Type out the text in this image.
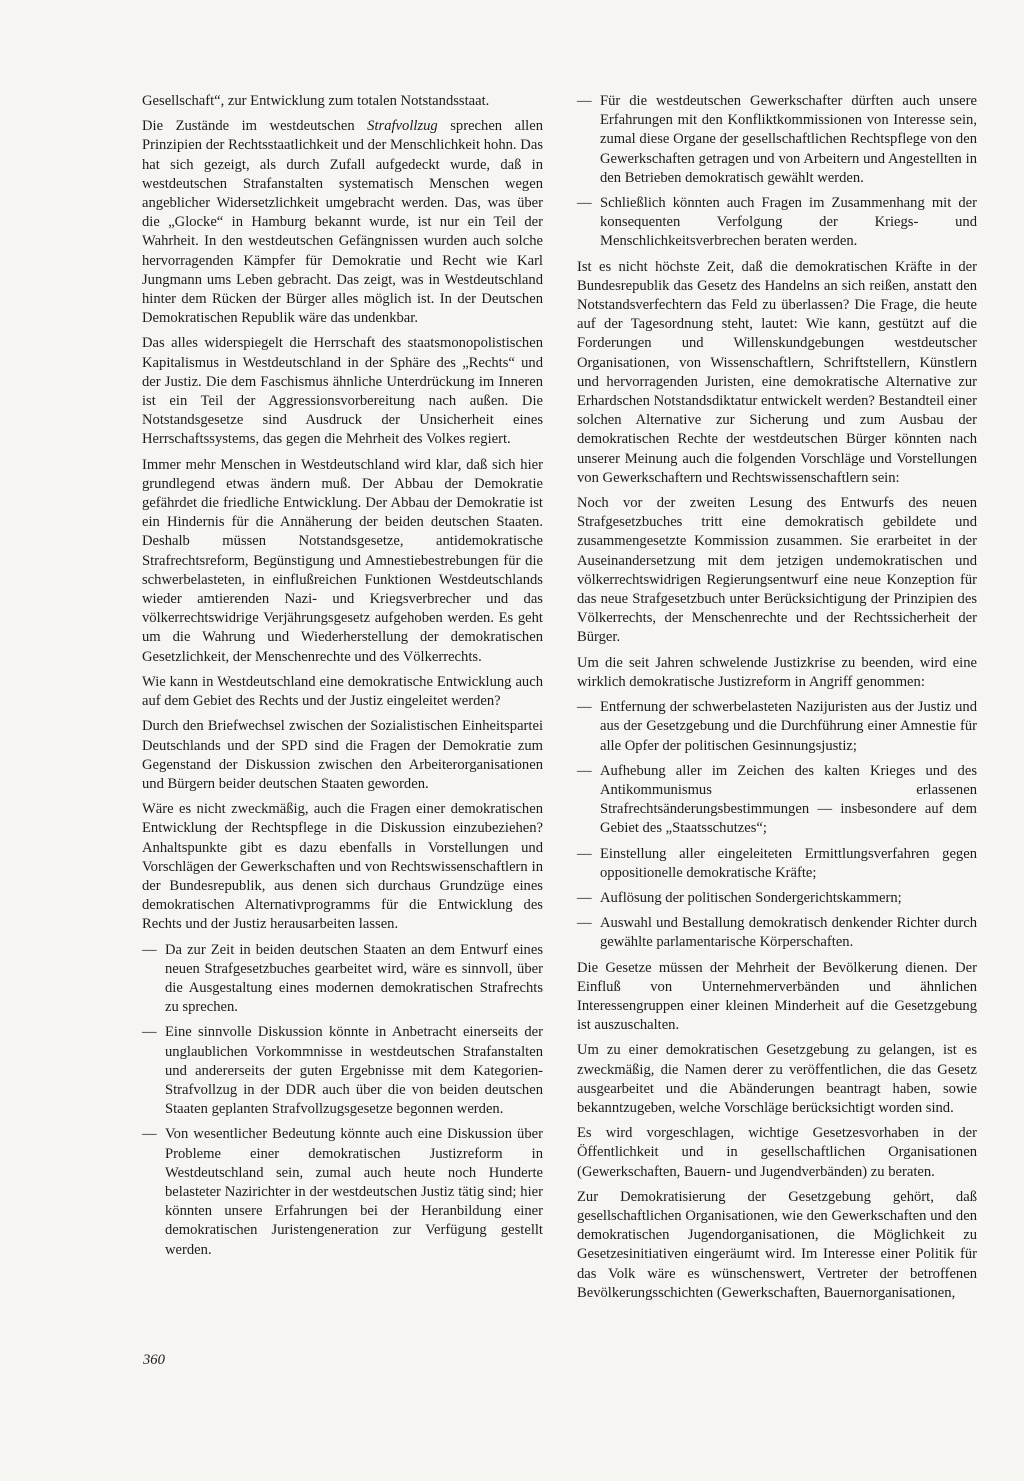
Gesellschaft“, zur Entwicklung zum totalen Notstandsstaat.

Die Zustände im westdeutschen Strafvollzug sprechen allen Prinzipien der Rechtsstaatlichkeit und der Menschlichkeit hohn. Das hat sich gezeigt, als durch Zufall aufgedeckt wurde, daß in westdeutschen Strafanstalten systematisch Menschen wegen angeblicher Widersetzlichkeit umgebracht werden. Das, was über die „Glocke“ in Hamburg bekannt wurde, ist nur ein Teil der Wahrheit. In den westdeutschen Gefängnissen wurden auch solche hervorragenden Kämpfer für Demokratie und Recht wie Karl Jungmann ums Leben gebracht. Das zeigt, was in Westdeutschland hinter dem Rücken der Bürger alles möglich ist. In der Deutschen Demokratischen Republik wäre das undenkbar.

Das alles widerspiegelt die Herrschaft des staatsmonopolistischen Kapitalismus in Westdeutschland in der Sphäre des „Rechts“ und der Justiz. Die dem Faschismus ähnliche Unterdrückung im Inneren ist ein Teil der Aggressionsvorbereitung nach außen. Die Notstandsgesetze sind Ausdruck der Unsicherheit eines Herrschaftssystems, das gegen die Mehrheit des Volkes regiert.

Immer mehr Menschen in Westdeutschland wird klar, daß sich hier grundlegend etwas ändern muß. Der Abbau der Demokratie gefährdet die friedliche Entwicklung. Der Abbau der Demokratie ist ein Hindernis für die Annäherung der beiden deutschen Staaten. Deshalb müssen Notstandsgesetze, antidemokratische Strafrechtsreform, Begünstigung und Amnestiebestrebungen für die schwerbelasteten, in einflußreichen Funktionen Westdeutschlands wieder amtierenden Nazi- und Kriegsverbrecher und das völkerrechtswidrige Verjährungsgesetz aufgehoben werden. Es geht um die Wahrung und Wiederherstellung der demokratischen Gesetzlichkeit, der Menschenrechte und des Völkerrechts.

Wie kann in Westdeutschland eine demokratische Entwicklung auch auf dem Gebiet des Rechts und der Justiz eingeleitet werden?

Durch den Briefwechsel zwischen der Sozialistischen Einheitspartei Deutschlands und der SPD sind die Fragen der Demokratie zum Gegenstand der Diskussion zwischen den Arbeiterorganisationen und Bürgern beider deutschen Staaten geworden.

Wäre es nicht zweckmäßig, auch die Fragen einer demokratischen Entwicklung der Rechtspflege in die Diskussion einzubeziehen? Anhaltspunkte gibt es dazu ebenfalls in Vorstellungen und Vorschlägen der Gewerkschaften und von Rechtswissenschaftlern in der Bundesrepublik, aus denen sich durchaus Grundzüge eines demokratischen Alternativprogramms für die Entwicklung des Rechts und der Justiz herausarbeiten lassen.

— Da zur Zeit in beiden deutschen Staaten an dem Entwurf eines neuen Strafgesetzbuches gearbeitet wird, wäre es sinnvoll, über die Ausgestaltung eines modernen demokratischen Strafrechts zu sprechen.
— Eine sinnvolle Diskussion könnte in Anbetracht einerseits der unglaublichen Vorkommnisse in westdeutschen Strafanstalten und andererseits der guten Ergebnisse mit dem Kategorien-Strafvollzug in der DDR auch über die von beiden deutschen Staaten geplanten Strafvollzugsgesetze begonnen werden.
— Von wesentlicher Bedeutung könnte auch eine Diskussion über Probleme einer demokratischen Justizreform in Westdeutschland sein, zumal auch heute noch Hunderte belasteter Nazirichter in der westdeutschen Justiz tätig sind; hier könnten unsere Erfahrungen bei der Heranbildung einer demokratischen Juristengeneration zur Verfügung gestellt werden.
— Für die westdeutschen Gewerkschafter dürften auch unsere Erfahrungen mit den Konfliktkommissionen von Interesse sein, zumal diese Organe der gesellschaftlichen Rechtspflege von den Gewerkschaften getragen und von Arbeitern und Angestellten in den Betrieben demokratisch gewählt werden.
— Schließlich könnten auch Fragen im Zusammenhang mit der konsequenten Verfolgung der Kriegs- und Menschlichkeitsverbrechen beraten werden.

Ist es nicht höchste Zeit, daß die demokratischen Kräfte in der Bundesrepublik das Gesetz des Handelns an sich reißen, anstatt den Notstandsverfechtern das Feld zu überlassen? Die Frage, die heute auf der Tagesordnung steht, lautet: Wie kann, gestützt auf die Forderungen und Willenskundgebungen westdeutscher Organisationen, von Wissenschaftlern, Schriftstellern, Künstlern und hervorragenden Juristen, eine demokratische Alternative zur Erhardschen Notstandsdiktatur entwickelt werden? Bestandteil einer solchen Alternative zur Sicherung und zum Ausbau der demokratischen Rechte der westdeutschen Bürger könnten nach unserer Meinung auch die folgenden Vorschläge und Vorstellungen von Gewerkschaftern und Rechtswissenschaftlern sein:

Noch vor der zweiten Lesung des Entwurfs des neuen Strafgesetzbuches tritt eine demokratisch gebildete und zusammengesetzte Kommission zusammen. Sie erarbeitet in der Auseinandersetzung mit dem jetzigen undemokratischen und völkerrechtswidrigen Regierungsentwurf eine neue Konzeption für das neue Strafgesetzbuch unter Berücksichtigung der Prinzipien des Völkerrechts, der Menschenrechte und der Rechtssicherheit der Bürger.

Um die seit Jahren schwelende Justizkrise zu beenden, wird eine wirklich demokratische Justizreform in Angriff genommen:

— Entfernung der schwerbelasteten Nazijuristen aus der Justiz und aus der Gesetzgebung und die Durchführung einer Amnestie für alle Opfer der politischen Gesinnungsjustiz;
— Aufhebung aller im Zeichen des kalten Krieges und des Antikommunismus erlassenen Strafrechtsänderungsbestimmungen — insbesondere auf dem Gebiet des „Staatsschutzes“;
— Einstellung aller eingeleiteten Ermittlungsverfahren gegen oppositionelle demokratische Kräfte;
— Auflösung der politischen Sondergerichtskammern;
— Auswahl und Bestallung demokratisch denkender Richter durch gewählte parlamentarische Körperschaften.

Die Gesetze müssen der Mehrheit der Bevölkerung dienen. Der Einfluß von Unternehmerverbänden und ähnlichen Interessengruppen einer kleinen Minderheit auf die Gesetzgebung ist auszuschalten.

Um zu einer demokratischen Gesetzgebung zu gelangen, ist es zweckmäßig, die Namen derer zu veröffentlichen, die das Gesetz ausgearbeitet und die Abänderungen beantragt haben, sowie bekanntzugeben, welche Vorschläge berücksichtigt worden sind.

Es wird vorgeschlagen, wichtige Gesetzesvorhaben in der Öffentlichkeit und in gesellschaftlichen Organisationen (Gewerkschaften, Bauern- und Jugendverbänden) zu beraten.

Zur Demokratisierung der Gesetzgebung gehört, daß gesellschaftlichen Organisationen, wie den Gewerkschaften und den demokratischen Jugendorganisationen, die Möglichkeit zu Gesetzesinitiativen eingeräumt wird. Im Interesse einer Politik für das Volk wäre es wünschenswert, Vertreter der betroffenen Bevölkerungsschichten (Gewerkschaften, Bauernorganisationen,

360
